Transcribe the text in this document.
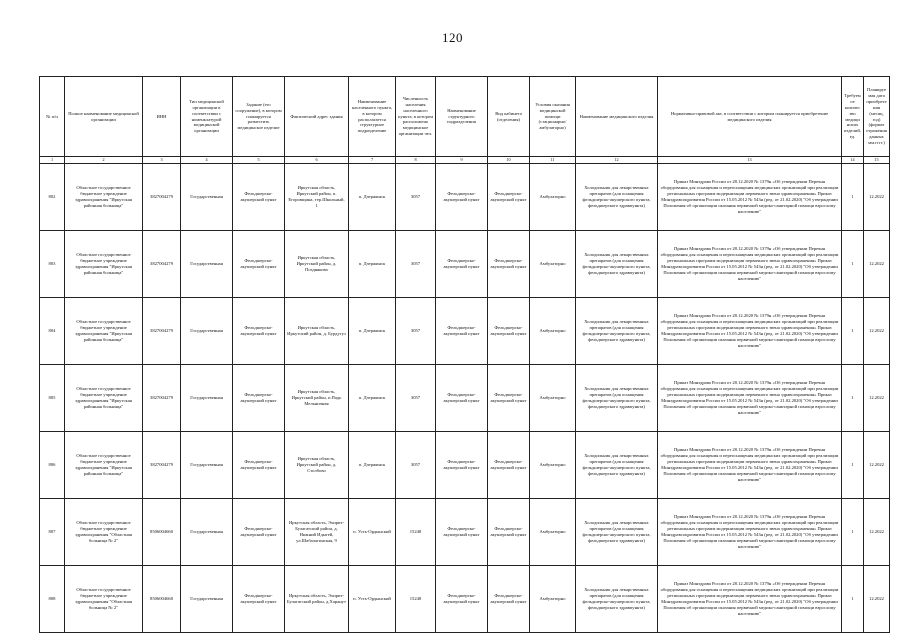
120
№ п/п	Полное наименование медицинской организации	ИНН	Тип медицинской организации в соответствии с номенклатурой медицинской организации	Задание (его сооружение), в котором планируется разместить медицинское изделие	Фактический адрес здания	Наименование населенного пункта, в котором располагается структурное подразделение	Численность населения населенного пункта, в котором расположено медицинское организации чел.	Наименование структурного подразделения	Вид кабинета (отделения)	Условия оказания медицинской помощи (стационарно/амбулаторно)	Наименование медицинского изделия	Нормативно-правовой акт, в соответствии с которым планируется приобретение медицинского изделия	Требуемое количество медицинских изделий, ед.	Планируемая дата приобретения (месяц, год) (формат отражения данных мм.гггг.)
1	2	3	4	5	6	7	8	9	10	11	12	13	14	15
802	Областное государственное бюджетное учреждение здравоохранения "Иркутская районная больница"	3827004279	Государственная	Фельдшерско-акушерский пункт	Иркутская область, Иркутский район, п. Егоровщина, тер.Школьный, 1	п. Дзержинск	3057	Фельдшерско-акушерский пункт	Фельдшерско-акушерский пункт	Амбулаторно	Холодильник для лекарственных препаратов (для оснащения фельдшерско-акушерского пункта, фельдшерского здравпункта)	Приказ Минздрава России от 28.12.2020 № 1379н «Об утверждении Перечня оборудования для оснащения и переоснащения медицинских организаций при реализации региональных программ модернизации первичного звена здравоохранения» Приказ Минздравсоцразвития России от 15.05.2012 № 543н (ред. от 21.02.2020) "Об утверждении Положения об организации оказания первичной медико-санитарной помощи взрослому населению"	1	12.2022
803	Областное государственное бюджетное учреждение здравоохранения "Иркутская районная больница"	3827004279	Государственная	Фельдшерско-акушерский пункт	Иркутская область, Иркутский район, д. Поздняково	п. Дзержинск	3057	Фельдшерско-акушерский пункт	Фельдшерско-акушерский пункт	Амбулаторно	Холодильник для лекарственных препаратов (для оснащения фельдшерско-акушерского пункта, фельдшерского здравпункта)	Приказ Минздрава России от 28.12.2020 № 1379н «Об утверждении Перечня оборудования для оснащения и переоснащения медицинских организаций при реализации региональных программ модернизации первичного звена здравоохранения» Приказ Минздравсоцразвития России от 15.05.2012 № 543н (ред. от 21.02.2020) "Об утверждении Положения об организации оказания первичной медико-санитарной помощи взрослому населению"	1	12.2022
804	Областное государственное бюджетное учреждение здравоохранения "Иркутская районная больница"	3827004279	Государственная	Фельдшерско-акушерский пункт	Иркутская область, Иркутский район, д. Бурдугуз	п. Дзержинск	3057	Фельдшерско-акушерский пункт	Фельдшерско-акушерский пункт	Амбулаторно	Холодильник для лекарственных препаратов (для оснащения фельдшерско-акушерского пункта, фельдшерского здравпункта)	Приказ Минздрава России от 28.12.2020 № 1379н «Об утверждении Перечня оборудования для оснащения и переоснащения медицинских организаций при реализации региональных программ модернизации первичного звена здравоохранения» Приказ Минздравсоцразвития России от 15.05.2012 № 543н (ред. от 21.02.2020) "Об утверждении Положения об организации оказания первичной медико-санитарной помощи взрослому населению"	1	12.2022
805	Областное государственное бюджетное учреждение здравоохранения "Иркутская районная больница"	3827004279	Государственная	Фельдшерско-акушерский пункт	Иркутская область, Иркутский район, п.Падь Мельничная	п. Дзержинск	3057	Фельдшерско-акушерский пункт	Фельдшерско-акушерский пункт	Амбулаторно	Холодильник для лекарственных препаратов (для оснащения фельдшерско-акушерского пункта, фельдшерского здравпункта)	Приказ Минздрава России от 28.12.2020 № 1379н «Об утверждении Перечня оборудования для оснащения и переоснащения медицинских организаций при реализации региональных программ модернизации первичного звена здравоохранения» Приказ Минздравсоцразвития России от 15.05.2012 № 543н (ред. от 21.02.2020) "Об утверждении Положения об организации оказания первичной медико-санитарной помощи взрослому населению"	1	12.2022
806	Областное государственное бюджетное учреждение здравоохранения "Иркутская районная больница"	3827004279	Государственная	Фельдшерско-акушерский пункт	Иркутская область, Иркутский район, д. Столбово	п. Дзержинск	3057	Фельдшерско-акушерский пункт	Фельдшерско-акушерский пункт	Амбулаторно	Холодильник для лекарственных препаратов (для оснащения фельдшерско-акушерского пункта, фельдшерского здравпункта)	Приказ Минздрава России от 28.12.2020 № 1379н «Об утверждении Перечня оборудования для оснащения и переоснащения медицинских организаций при реализации региональных программ модернизации первичного звена здравоохранения» Приказ Минздравсоцразвития России от 15.05.2012 № 543н (ред. от 21.02.2020) "Об утверждении Положения об организации оказания первичной медико-санитарной помощи взрослому населению"	1	12.2022
807	Областное государственное бюджетное учреждение здравоохранения "Областная больница № 2"	8506004660	Государственная	Фельдшерско-акушерский пункт	Иркутская область, Эхирит-Булагатский район, д. Нижний Идыгей, ул.Шабалагинская, 9	п. Усть-Ордынский	15248	Фельдшерско-акушерский пункт	Фельдшерско-акушерский пункт	Амбулаторно	Холодильник для лекарственных препаратов (для оснащения фельдшерско-акушерского пункта, фельдшерского здравпункта)	Приказ Минздрава России от 28.12.2020 № 1379н «Об утверждении Перечня оборудования для оснащения и переоснащения медицинских организаций при реализации региональных программ модернизации первичного звена здравоохранения» Приказ Минздравсоцразвития России от 15.05.2012 № 543н (ред. от 21.02.2020) "Об утверждении Положения об организации оказания первичной медико-санитарной помощи взрослому населению"	1	12.2022
808	Областное государственное бюджетное учреждение здравоохранения "Областная больница № 2"	8506004660	Государственная	Фельдшерско-акушерский пункт	Иркутская область, Эхирит-Булагатский район, д.Харанут	п. Усть-Ордынский	15248	Фельдшерско-акушерский пункт	Фельдшерско-акушерский пункт	Амбулаторно	Холодильник для лекарственных препаратов (для оснащения фельдшерско-акушерского пункта, фельдшерского здравпункта)	Приказ Минздрава России от 28.12.2020 № 1379н «Об утверждении Перечня оборудования для оснащения и переоснащения медицинских организаций при реализации региональных программ модернизации первичного звена здравоохранения» Приказ Минздравсоцразвития России от 15.05.2012 № 543н (ред. от 21.02.2020) "Об утверждении Положения об организации оказания первичной медико-санитарной помощи взрослому населению"	1	12.2022
